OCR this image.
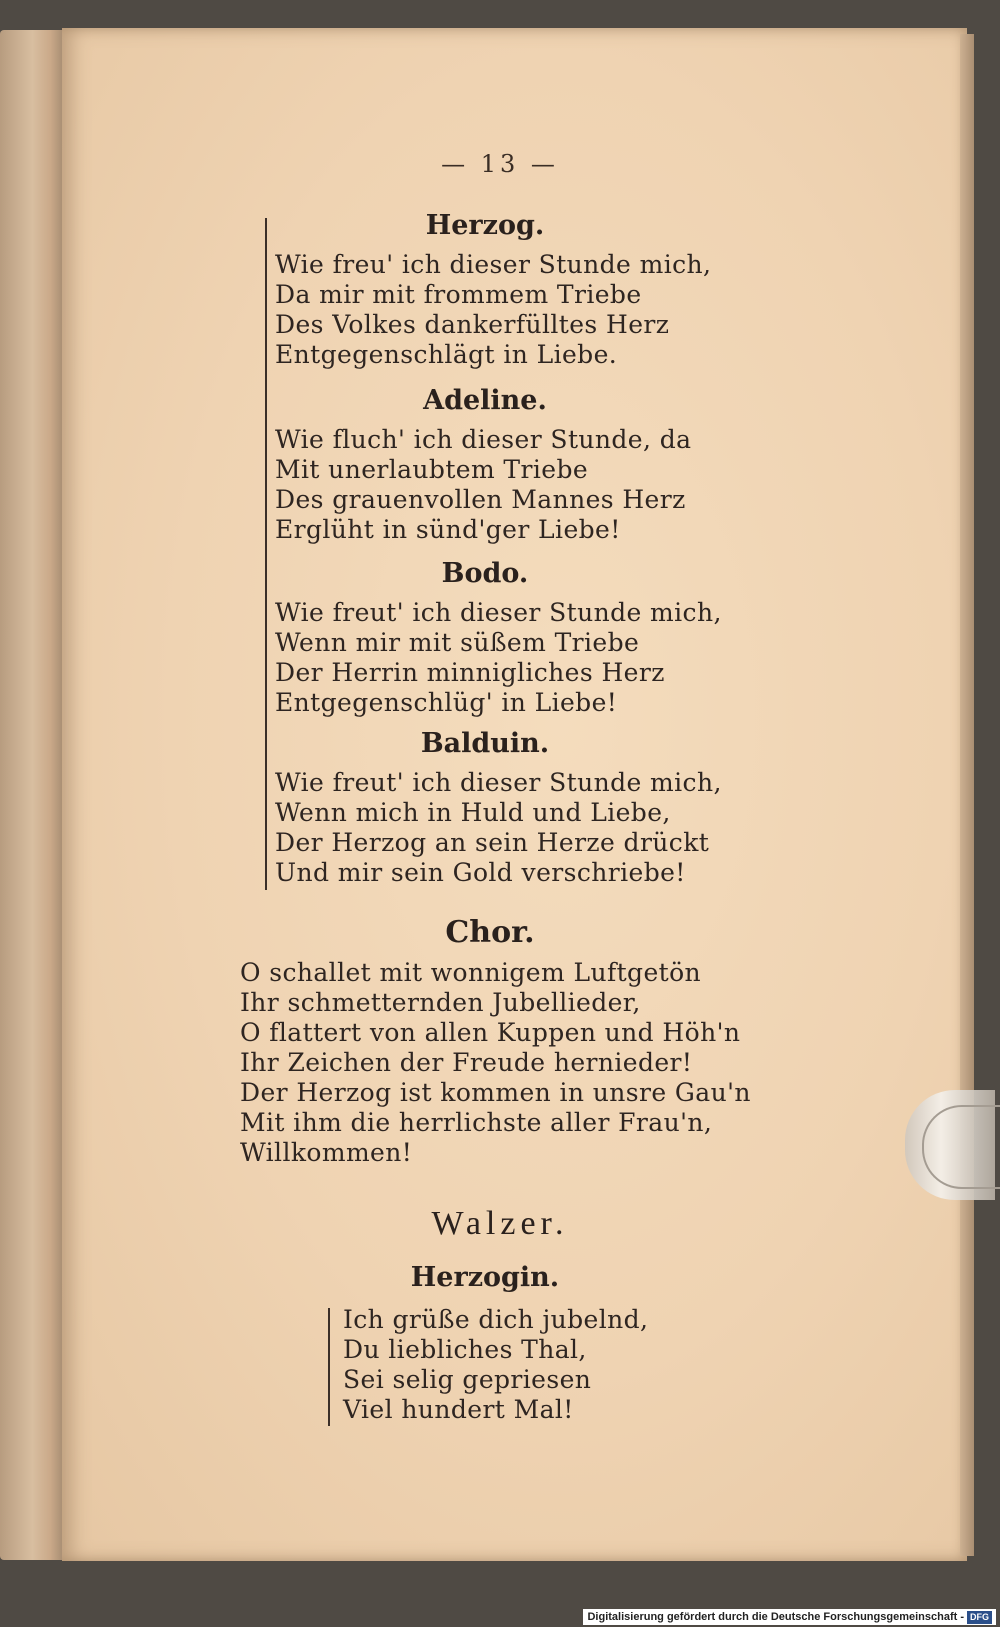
— 13 —
Herzog.
Wie freu' ich dieser Stunde mich,
Da mir mit frommem Triebe
Des Volkes dankerfülltes Herz
Entgegenschlägt in Liebe.
Adeline.
Wie fluch' ich dieser Stunde, da
Mit unerlaubtem Triebe
Des grauenvollen Mannes Herz
Erglüht in sünd'ger Liebe!
Bodo.
Wie freut' ich dieser Stunde mich,
Wenn mir mit süßem Triebe
Der Herrin minnigliches Herz
Entgegenschlüg' in Liebe!
Balduin.
Wie freut' ich dieser Stunde mich,
Wenn mich in Huld und Liebe,
Der Herzog an sein Herze drückt
Und mir sein Gold verschriebe!
Chor.
O schallet mit wonnigem Luftgetön
Ihr schmetternden Jubellieder,
O flattert von allen Kuppen und Höh'n
Ihr Zeichen der Freude hernieder!
Der Herzog ist kommen in unsre Gau'n
Mit ihm die herrlichste aller Frau'n,
Willkommen!
Walzer.
Herzogin.
Ich grüße dich jubelnd,
Du liebliches Thal,
Sei selig gepriesen
Viel hundert Mal!
Digitalisierung gefördert durch die Deutsche Forschungsgemeinschaft - DFG
